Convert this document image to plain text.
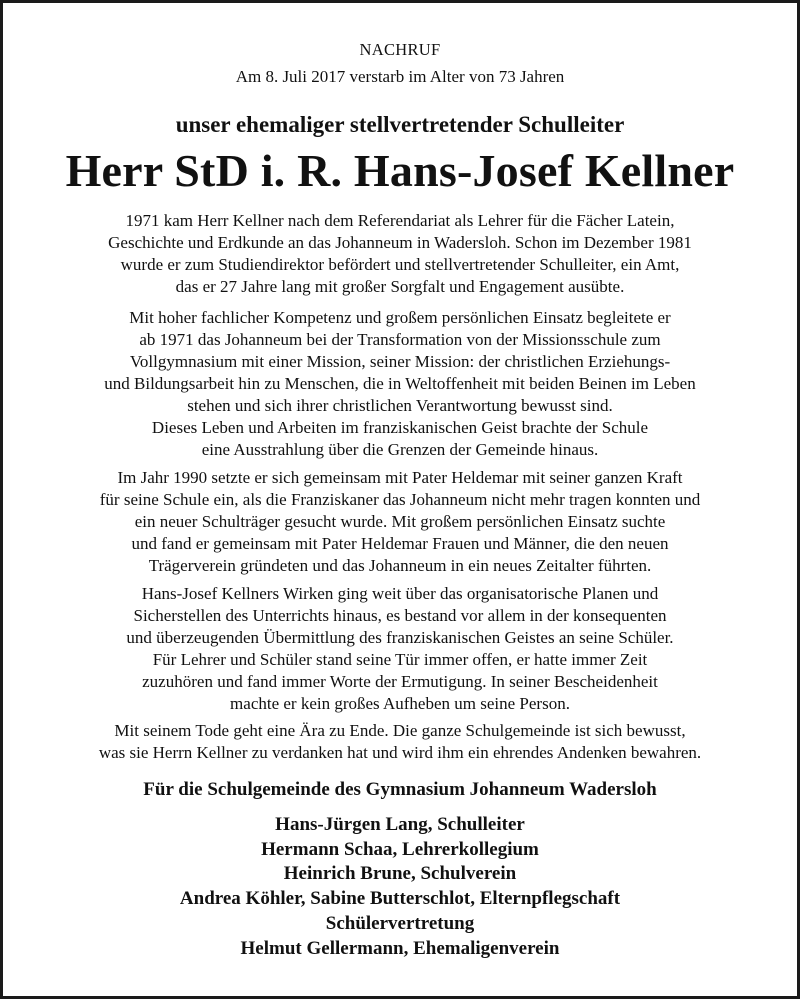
NACHRUF
Am 8. Juli 2017 verstarb im Alter von 73 Jahren
unser ehemaliger stellvertretender Schulleiter
Herr StD i. R. Hans-Josef Kellner

1971 kam Herr Kellner nach dem Referendariat als Lehrer für die Fächer Latein,
Geschichte und Erdkunde an das Johanneum in Wadersloh. Schon im Dezember 1981
wurde er zum Studiendirektor befördert und stellvertretender Schulleiter, ein Amt,
das er 27 Jahre lang mit großer Sorgfalt und Engagement ausübte.

Mit hoher fachlicher Kompetenz und großem persönlichen Einsatz begleitete er
ab 1971 das Johanneum bei der Transformation von der Missionsschule zum
Vollgymnasium mit einer Mission, seiner Mission: der christlichen Erziehungs-
und Bildungsarbeit hin zu Menschen, die in Weltoffenheit mit beiden Beinen im Leben
stehen und sich ihrer christlichen Verantwortung bewusst sind.
Dieses Leben und Arbeiten im franziskanischen Geist brachte der Schule
eine Ausstrahlung über die Grenzen der Gemeinde hinaus.

Im Jahr 1990 setzte er sich gemeinsam mit Pater Heldemar mit seiner ganzen Kraft
für seine Schule ein, als die Franziskaner das Johanneum nicht mehr tragen konnten und
ein neuer Schulträger gesucht wurde. Mit großem persönlichen Einsatz suchte
und fand er gemeinsam mit Pater Heldemar Frauen und Männer, die den neuen
Trägerverein gründeten und das Johanneum in ein neues Zeitalter führten.

Hans-Josef Kellners Wirken ging weit über das organisatorische Planen und
Sicherstellen des Unterrichts hinaus, es bestand vor allem in der konsequenten
und überzeugenden Übermittlung des franziskanischen Geistes an seine Schüler.
Für Lehrer und Schüler stand seine Tür immer offen, er hatte immer Zeit
zuzuhören und fand immer Worte der Ermutigung. In seiner Bescheidenheit
machte er kein großes Aufheben um seine Person.

Mit seinem Tode geht eine Ära zu Ende. Die ganze Schulgemeinde ist sich bewusst,
was sie Herrn Kellner zu verdanken hat und wird ihm ein ehrendes Andenken bewahren.

Für die Schulgemeinde des Gymnasium Johanneum Wadersloh
Hans-Jürgen Lang, Schulleiter
Hermann Schaa, Lehrerkollegium
Heinrich Brune, Schulverein
Andrea Köhler, Sabine Butterschlot, Elternpflegschaft
Schülervertretung
Helmut Gellermann, Ehemaligenverein
